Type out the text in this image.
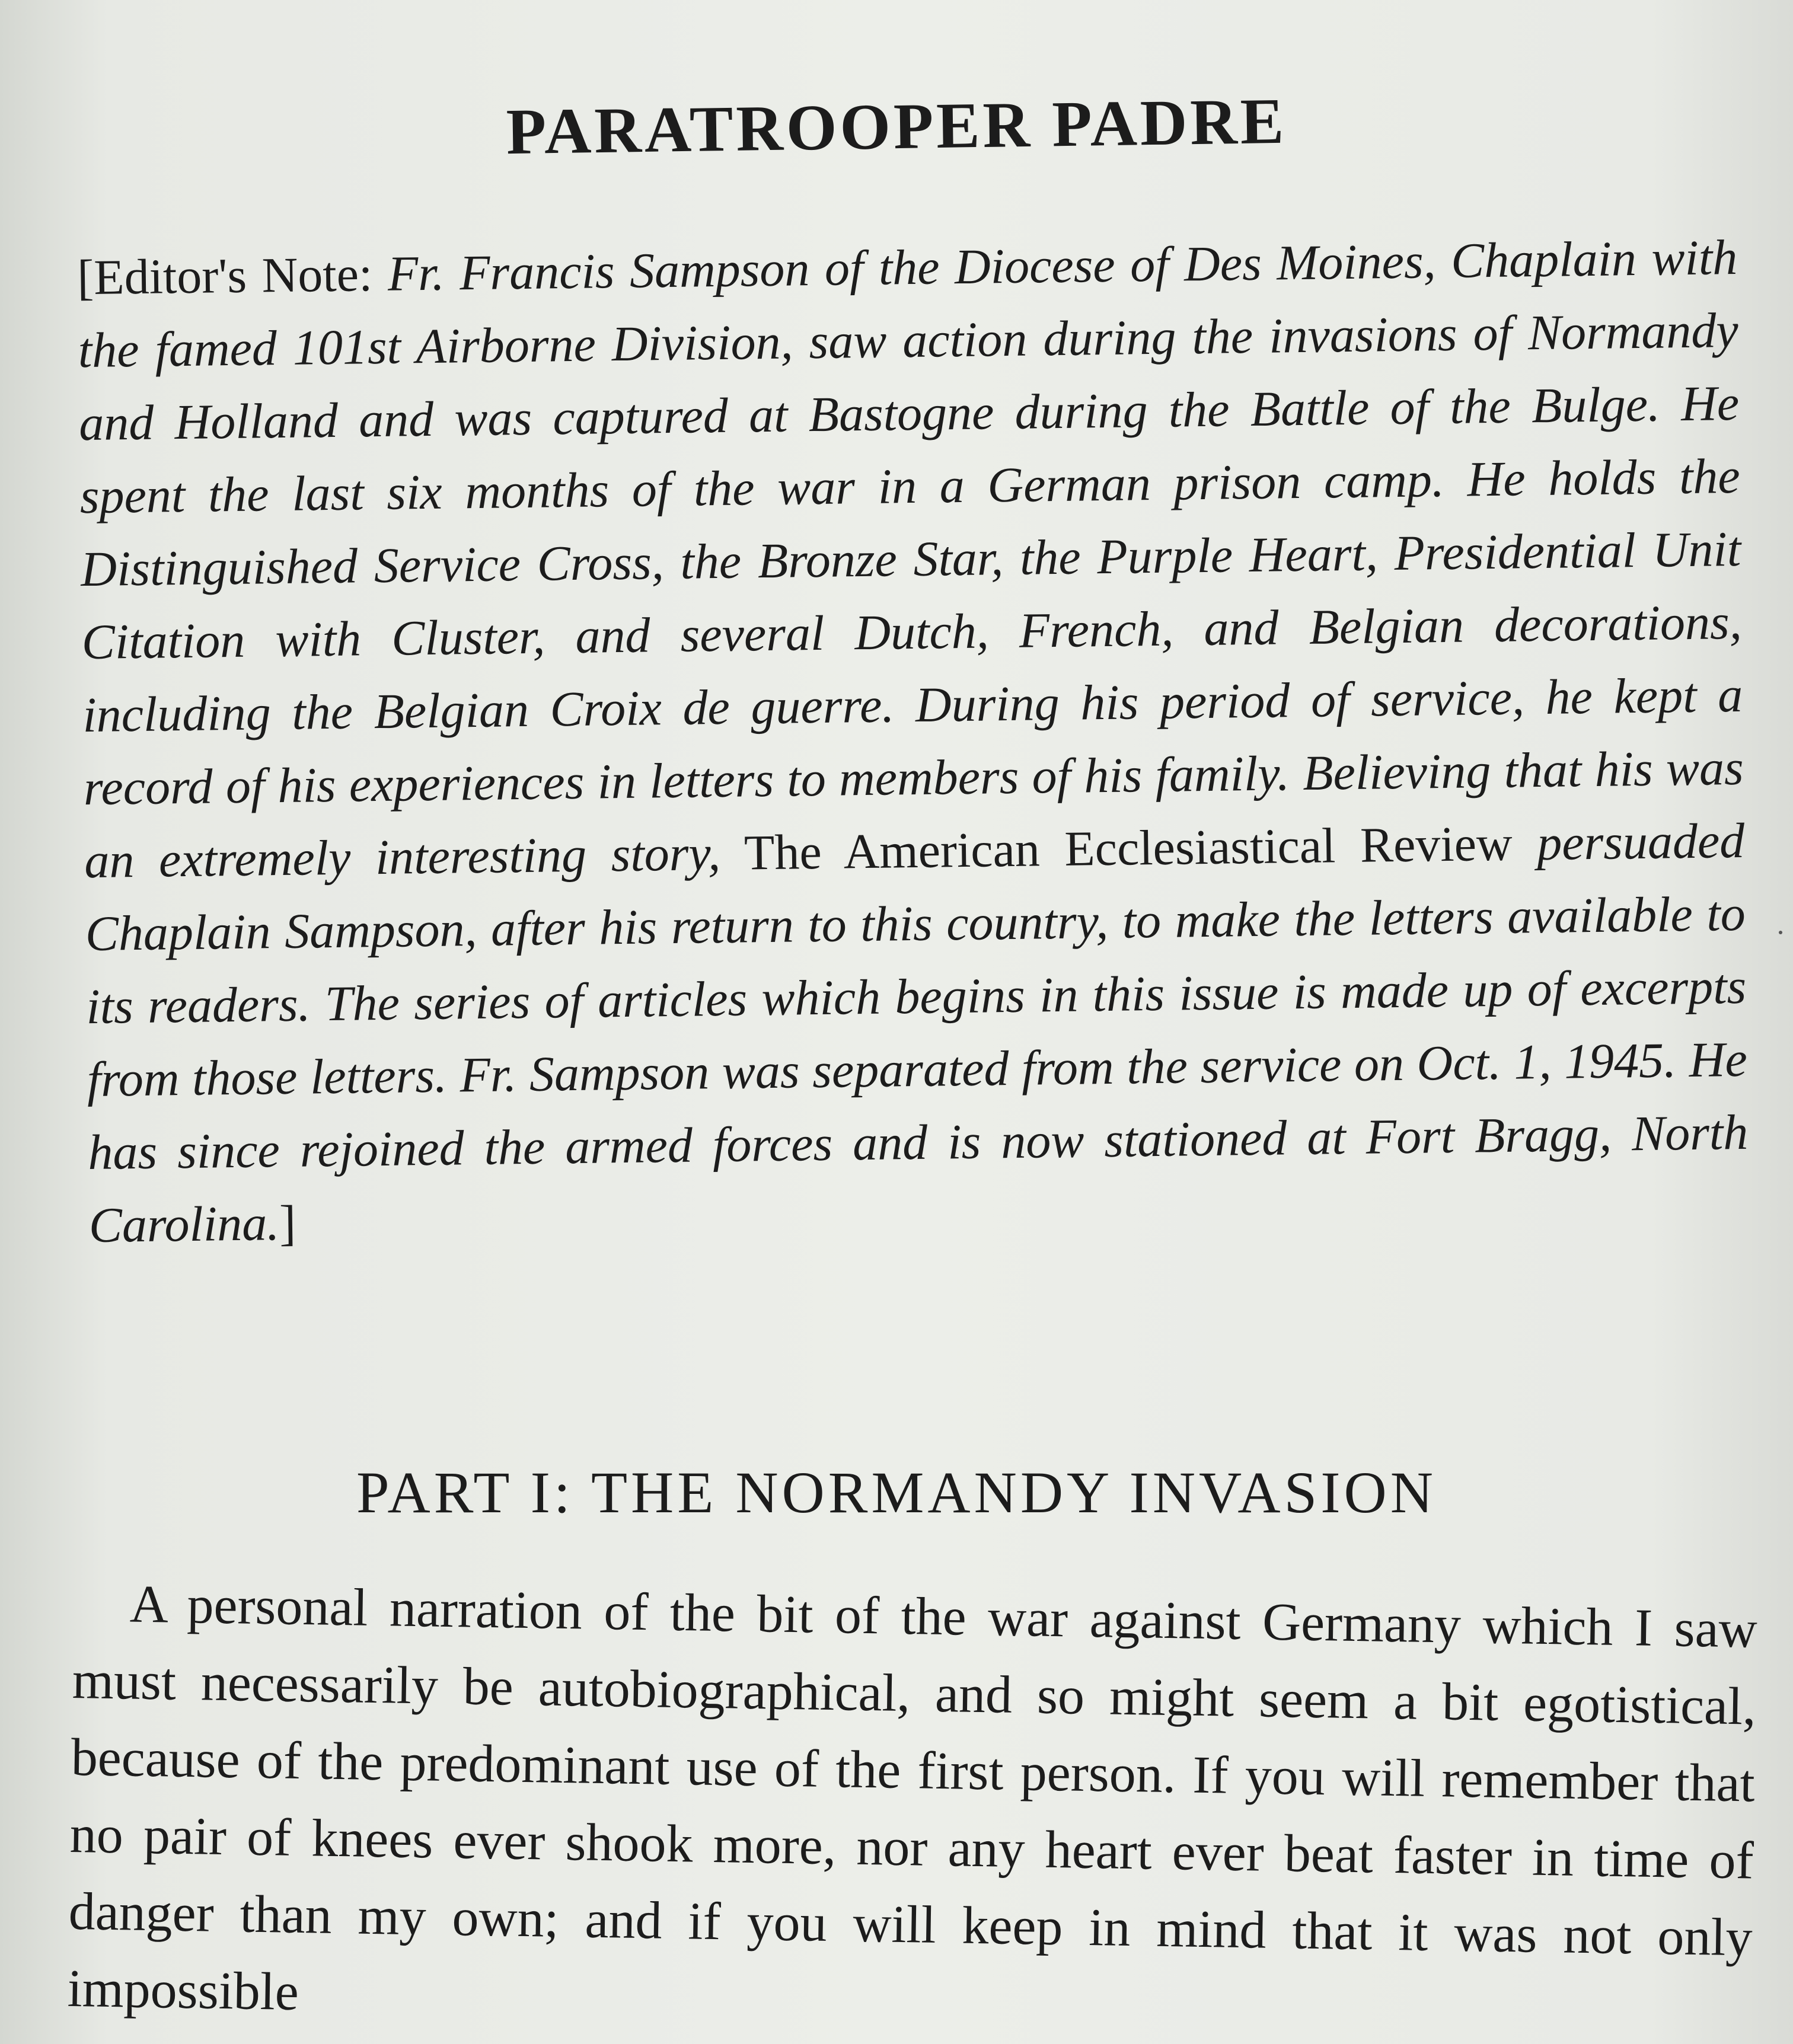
PARATROOPER PADRE

[Editor's Note: Fr. Francis Sampson of the Diocese of Des Moines, Chaplain with the famed 101st Airborne Division, saw action during the invasions of Normandy and Holland and was captured at Bastogne during the Battle of the Bulge. He spent the last six months of the war in a German prison camp. He holds the Distinguished Service Cross, the Bronze Star, the Purple Heart, Presidential Unit Citation with Cluster, and several Dutch, French, and Belgian decorations, including the Belgian Croix de guerre. During his period of service, he kept a record of his experiences in letters to members of his family. Believing that his was an extremely interesting story, The American Ecclesiastical Review persuaded Chaplain Sampson, after his return to this country, to make the letters available to its readers. The series of articles which begins in this issue is made up of excerpts from those letters. Fr. Sampson was separated from the service on Oct. 1, 1945. He has since rejoined the armed forces and is now stationed at Fort Bragg, North Carolina.]

PART I: THE NORMANDY INVASION

A personal narration of the bit of the war against Germany which I saw must necessarily be autobiographical, and so might seem a bit egotistical, because of the predominant use of the first person. If you will remember that no pair of knees ever shook more, nor any heart ever beat faster in time of danger than my own; and if you will keep in mind that it was not only impossible
